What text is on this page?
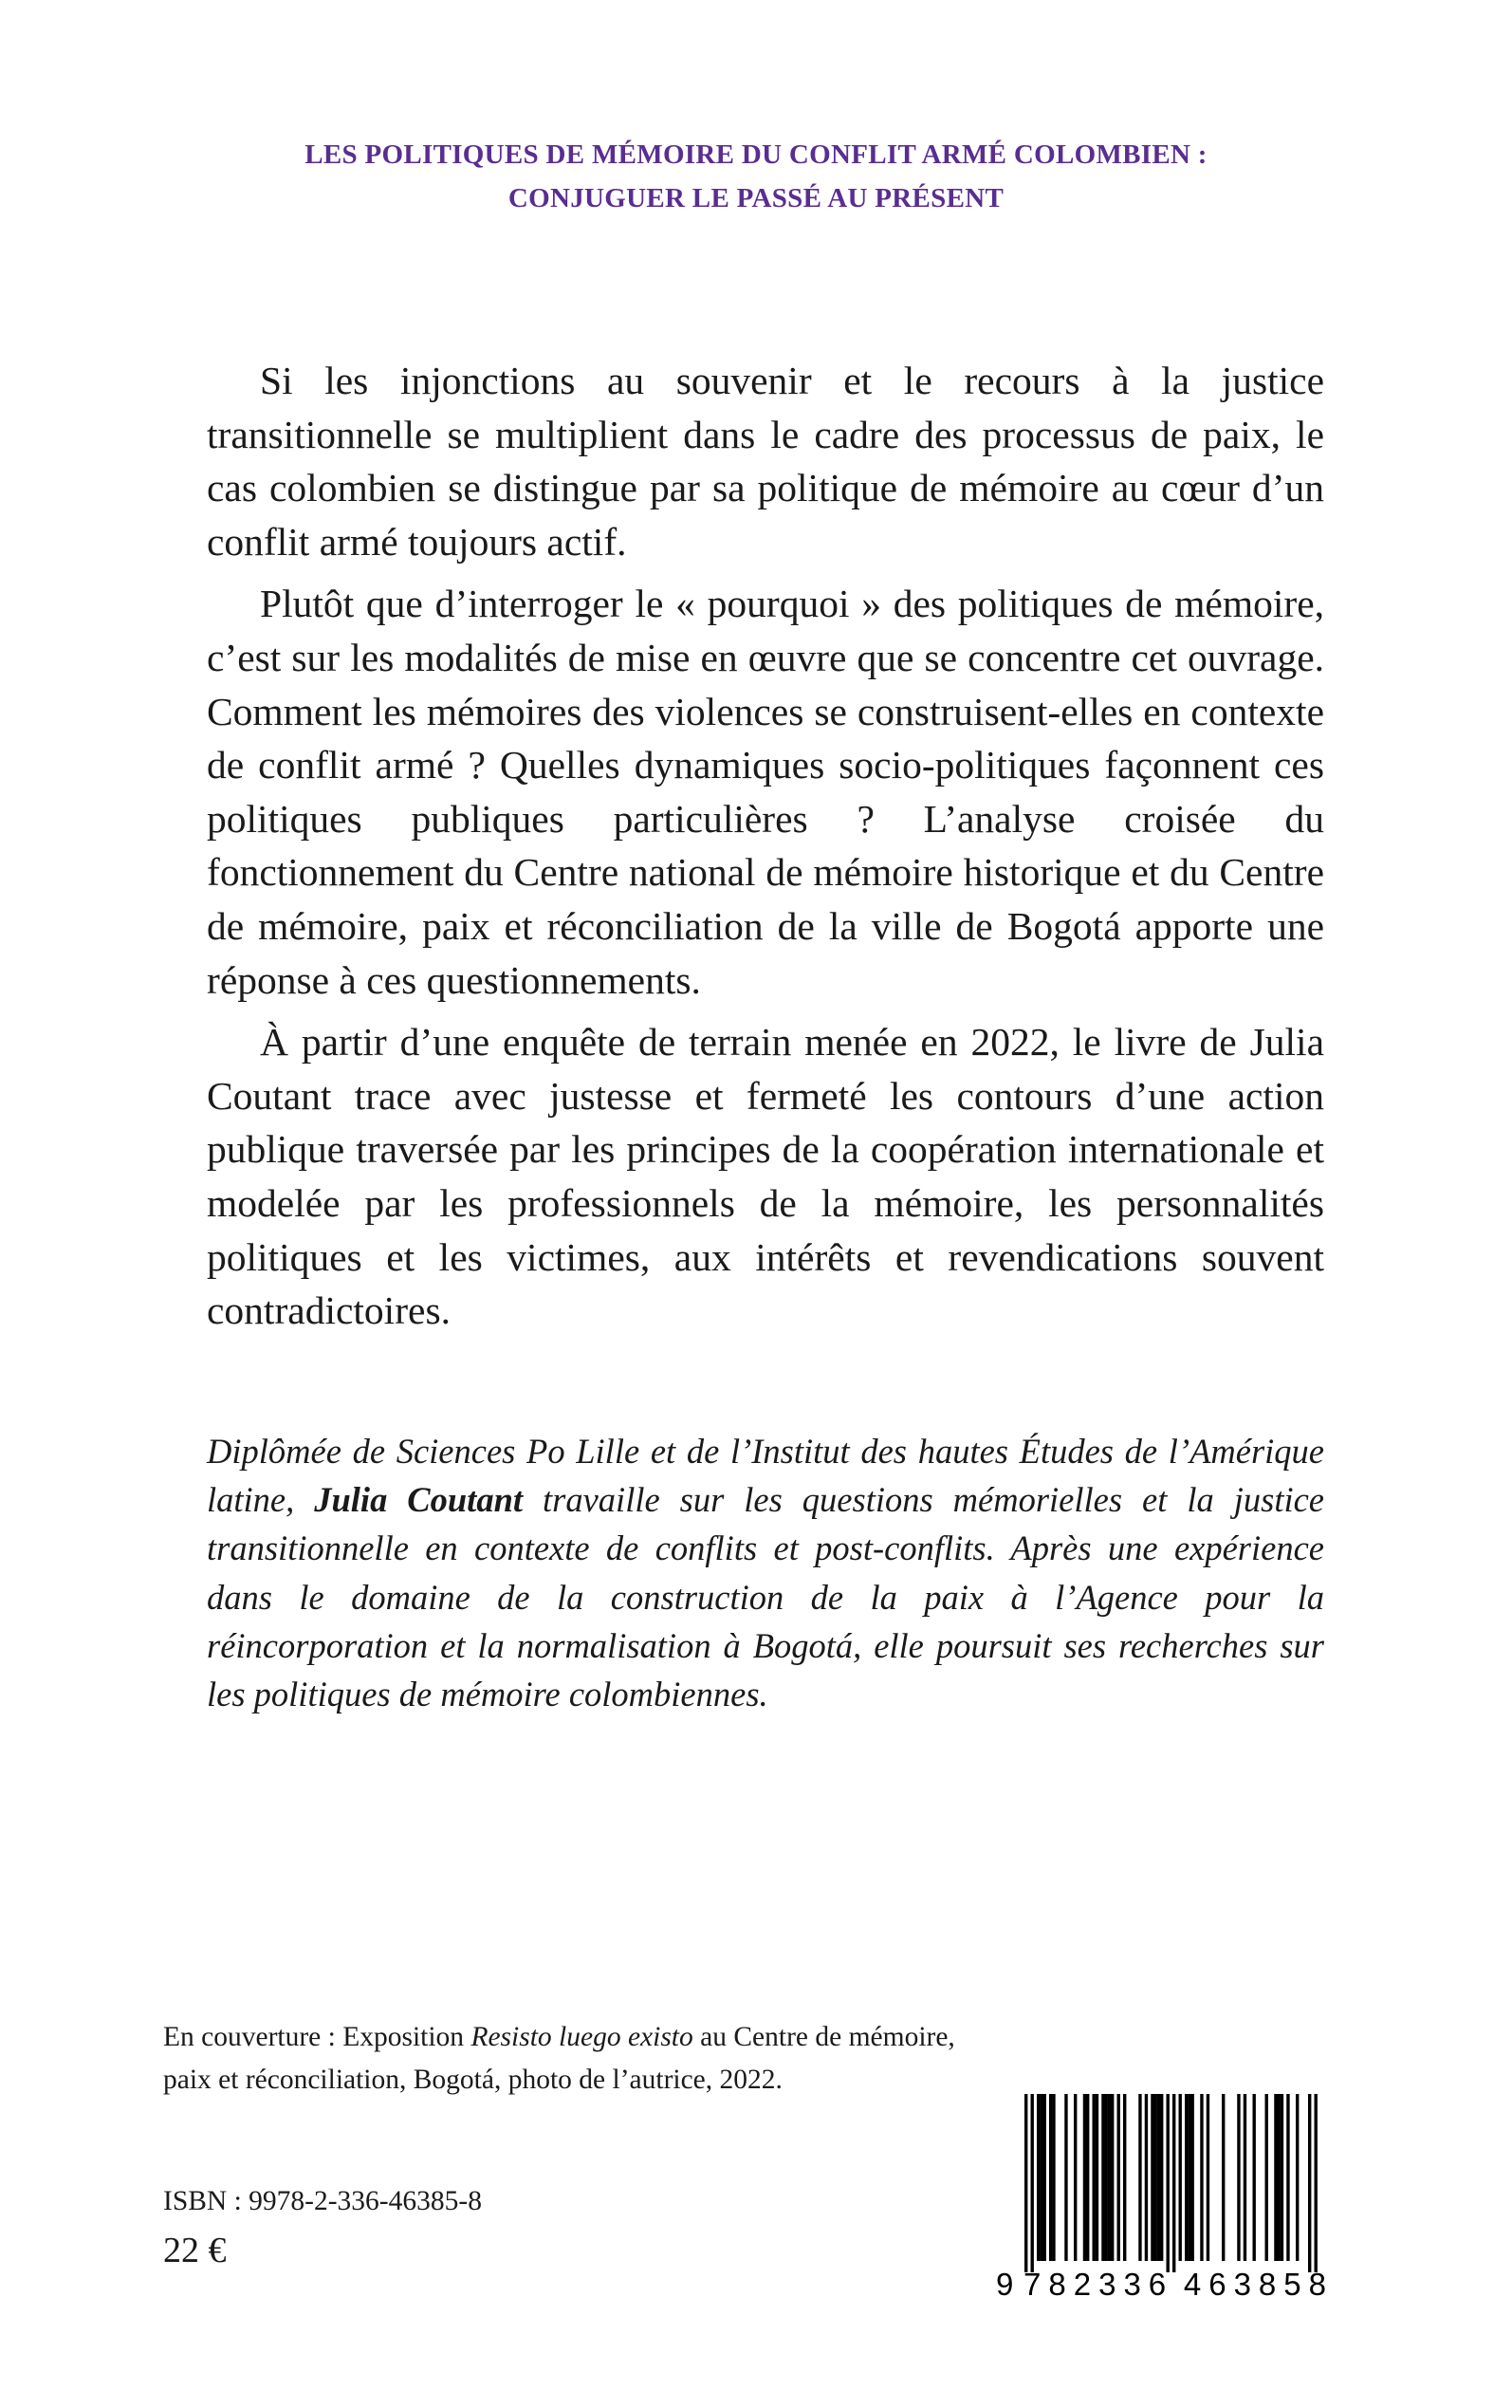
LES POLITIQUES DE MÉMOIRE DU CONFLIT ARMÉ COLOMBIEN :
CONJUGUER LE PASSÉ AU PRÉSENT

Si les injonctions au souvenir et le recours à la justice transitionnelle se multiplient dans le cadre des processus de paix, le cas colombien se distingue par sa politique de mémoire au cœur d’un conflit armé toujours actif.

Plutôt que d’interroger le « pourquoi » des politiques de mémoire, c’est sur les modalités de mise en œuvre que se concentre cet ouvrage. Comment les mémoires des violences se construisent-elles en contexte de conflit armé ? Quelles dynamiques socio-politiques façonnent ces politiques publiques particulières ? L’analyse croisée du fonctionnement du Centre national de mémoire historique et du Centre de mémoire, paix et réconciliation de la ville de Bogotá apporte une réponse à ces questionnements.

À partir d’une enquête de terrain menée en 2022, le livre de Julia Coutant trace avec justesse et fermeté les contours d’une action publique traversée par les principes de la coopération internationale et modelée par les professionnels de la mémoire, les personnalités politiques et les victimes, aux intérêts et revendications souvent contradictoires.

Diplômée de Sciences Po Lille et de l’Institut des hautes Études de l’Amérique latine, Julia Coutant travaille sur les questions mémorielles et la justice transitionnelle en contexte de conflits et post-conflits. Après une expérience dans le domaine de la construction de la paix à l’Agence pour la réincorporation et la normalisation à Bogotá, elle poursuit ses recherches sur les politiques de mémoire colombiennes.
En couverture : Exposition Resisto luego existo au Centre de mémoire,
paix et réconciliation, Bogotá, photo de l’autrice, 2022.
ISBN : 9978-2-336-46385-8
22 €
9 782336 463858
